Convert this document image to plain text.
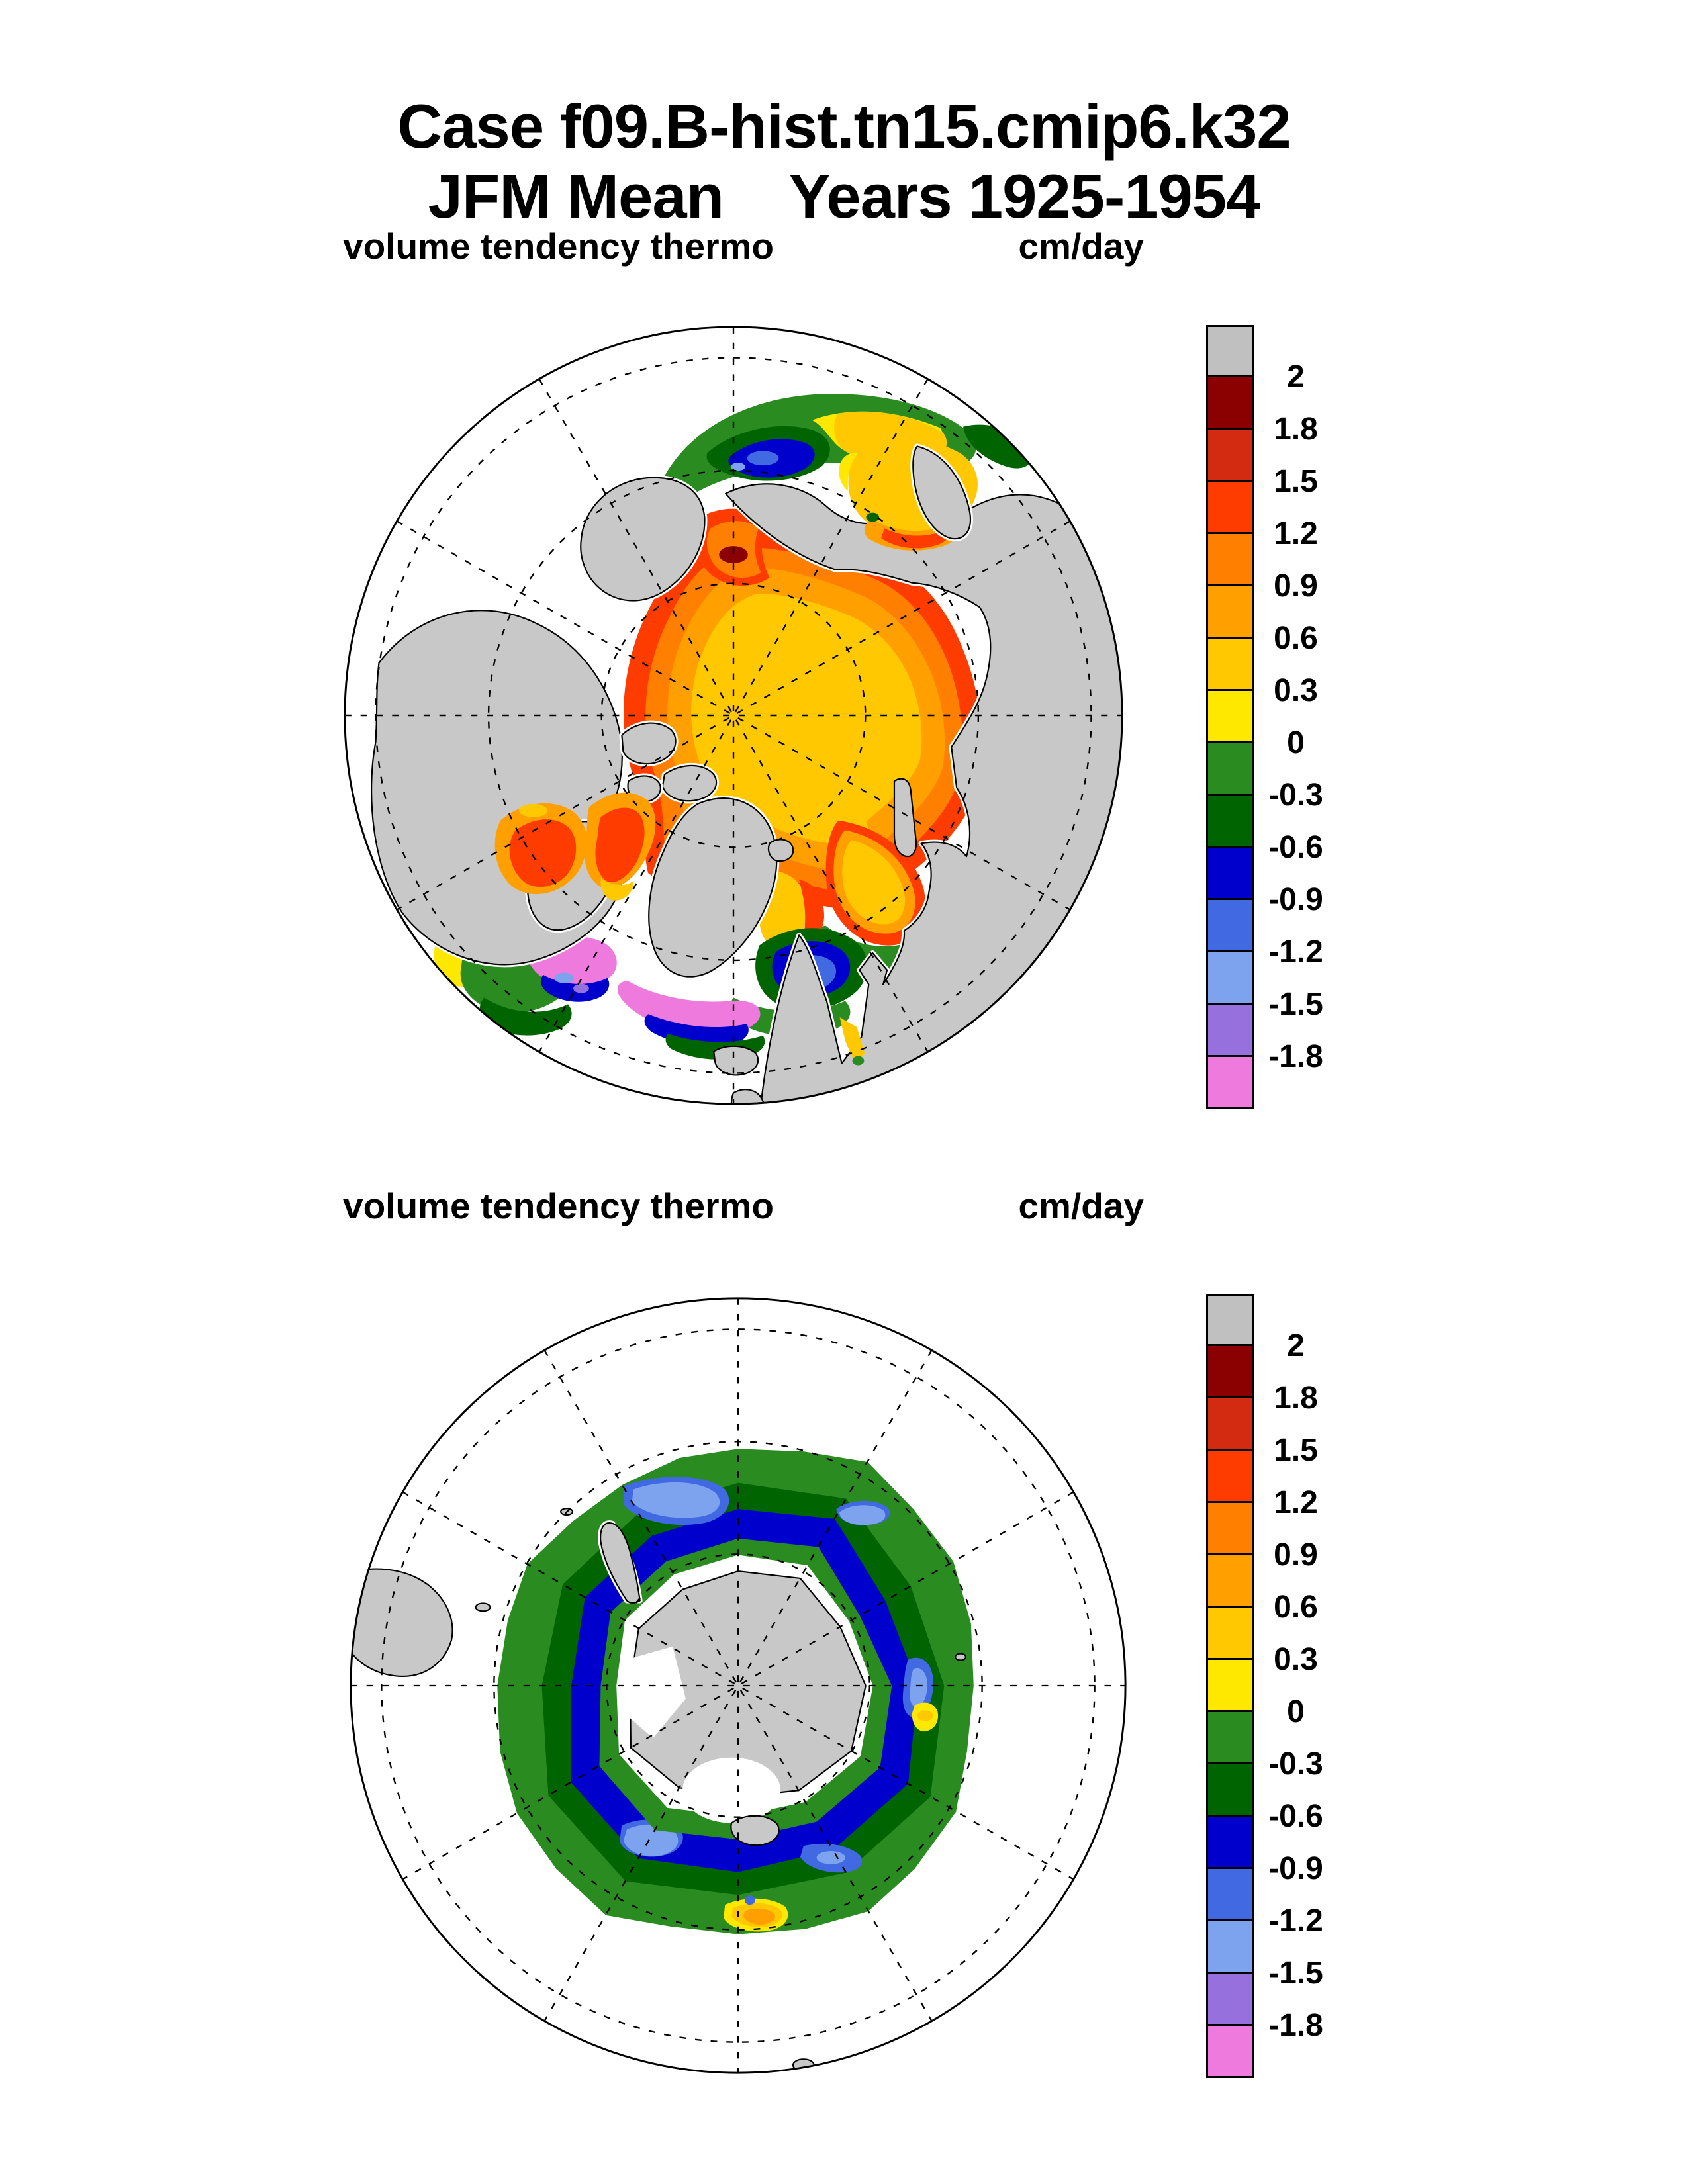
Case f09.B-hist.tn15.cmip6.k32
JFM Mean    Years 1925-1954
volume tendency thermo	cm/day
volume tendency thermo	cm/day
2
1.8
1.5
1.2
0.9
0.6
0.3
0
-0.3
-0.6
-0.9
-1.2
-1.5
-1.8
2
1.8
1.5
1.2
0.9
0.6
0.3
0
-0.3
-0.6
-0.9
-1.2
-1.5
-1.8
